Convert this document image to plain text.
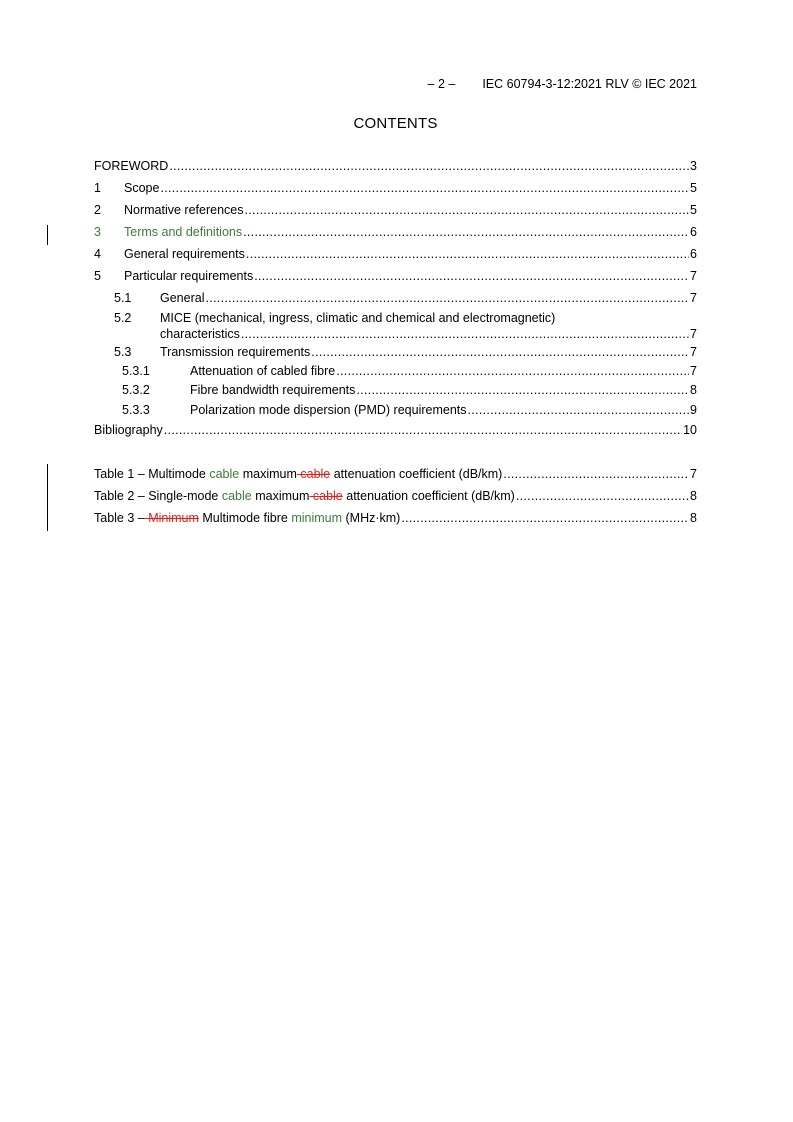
– 2 – IEC 60794-3-12:2021 RLV © IEC 2021
CONTENTS
FOREWORD .....	3
1	Scope .....	5
2	Normative references .....	5
3	Terms and definitions .....	6
4	General requirements .....	6
5	Particular requirements .....	7
5.1	General .....	7
5.2	MICE (mechanical, ingress, climatic and chemical and electromagnetic)
characteristics .....	7
5.3	Transmission requirements .....	7
5.3.1	Attenuation of cabled fibre .....	7
5.3.2	Fibre bandwidth requirements .....	8
5.3.3	Polarization mode dispersion (PMD) requirements .....	9
Bibliography .....	10
Table 1 – Multimode cable maximum cable attenuation coefficient (dB/km) .....	7
Table 2 – Single-mode cable maximum cable attenuation coefficient (dB/km) .....	8
Table 3 – Minimum Multimode fibre minimum (MHz·km) .....	8
